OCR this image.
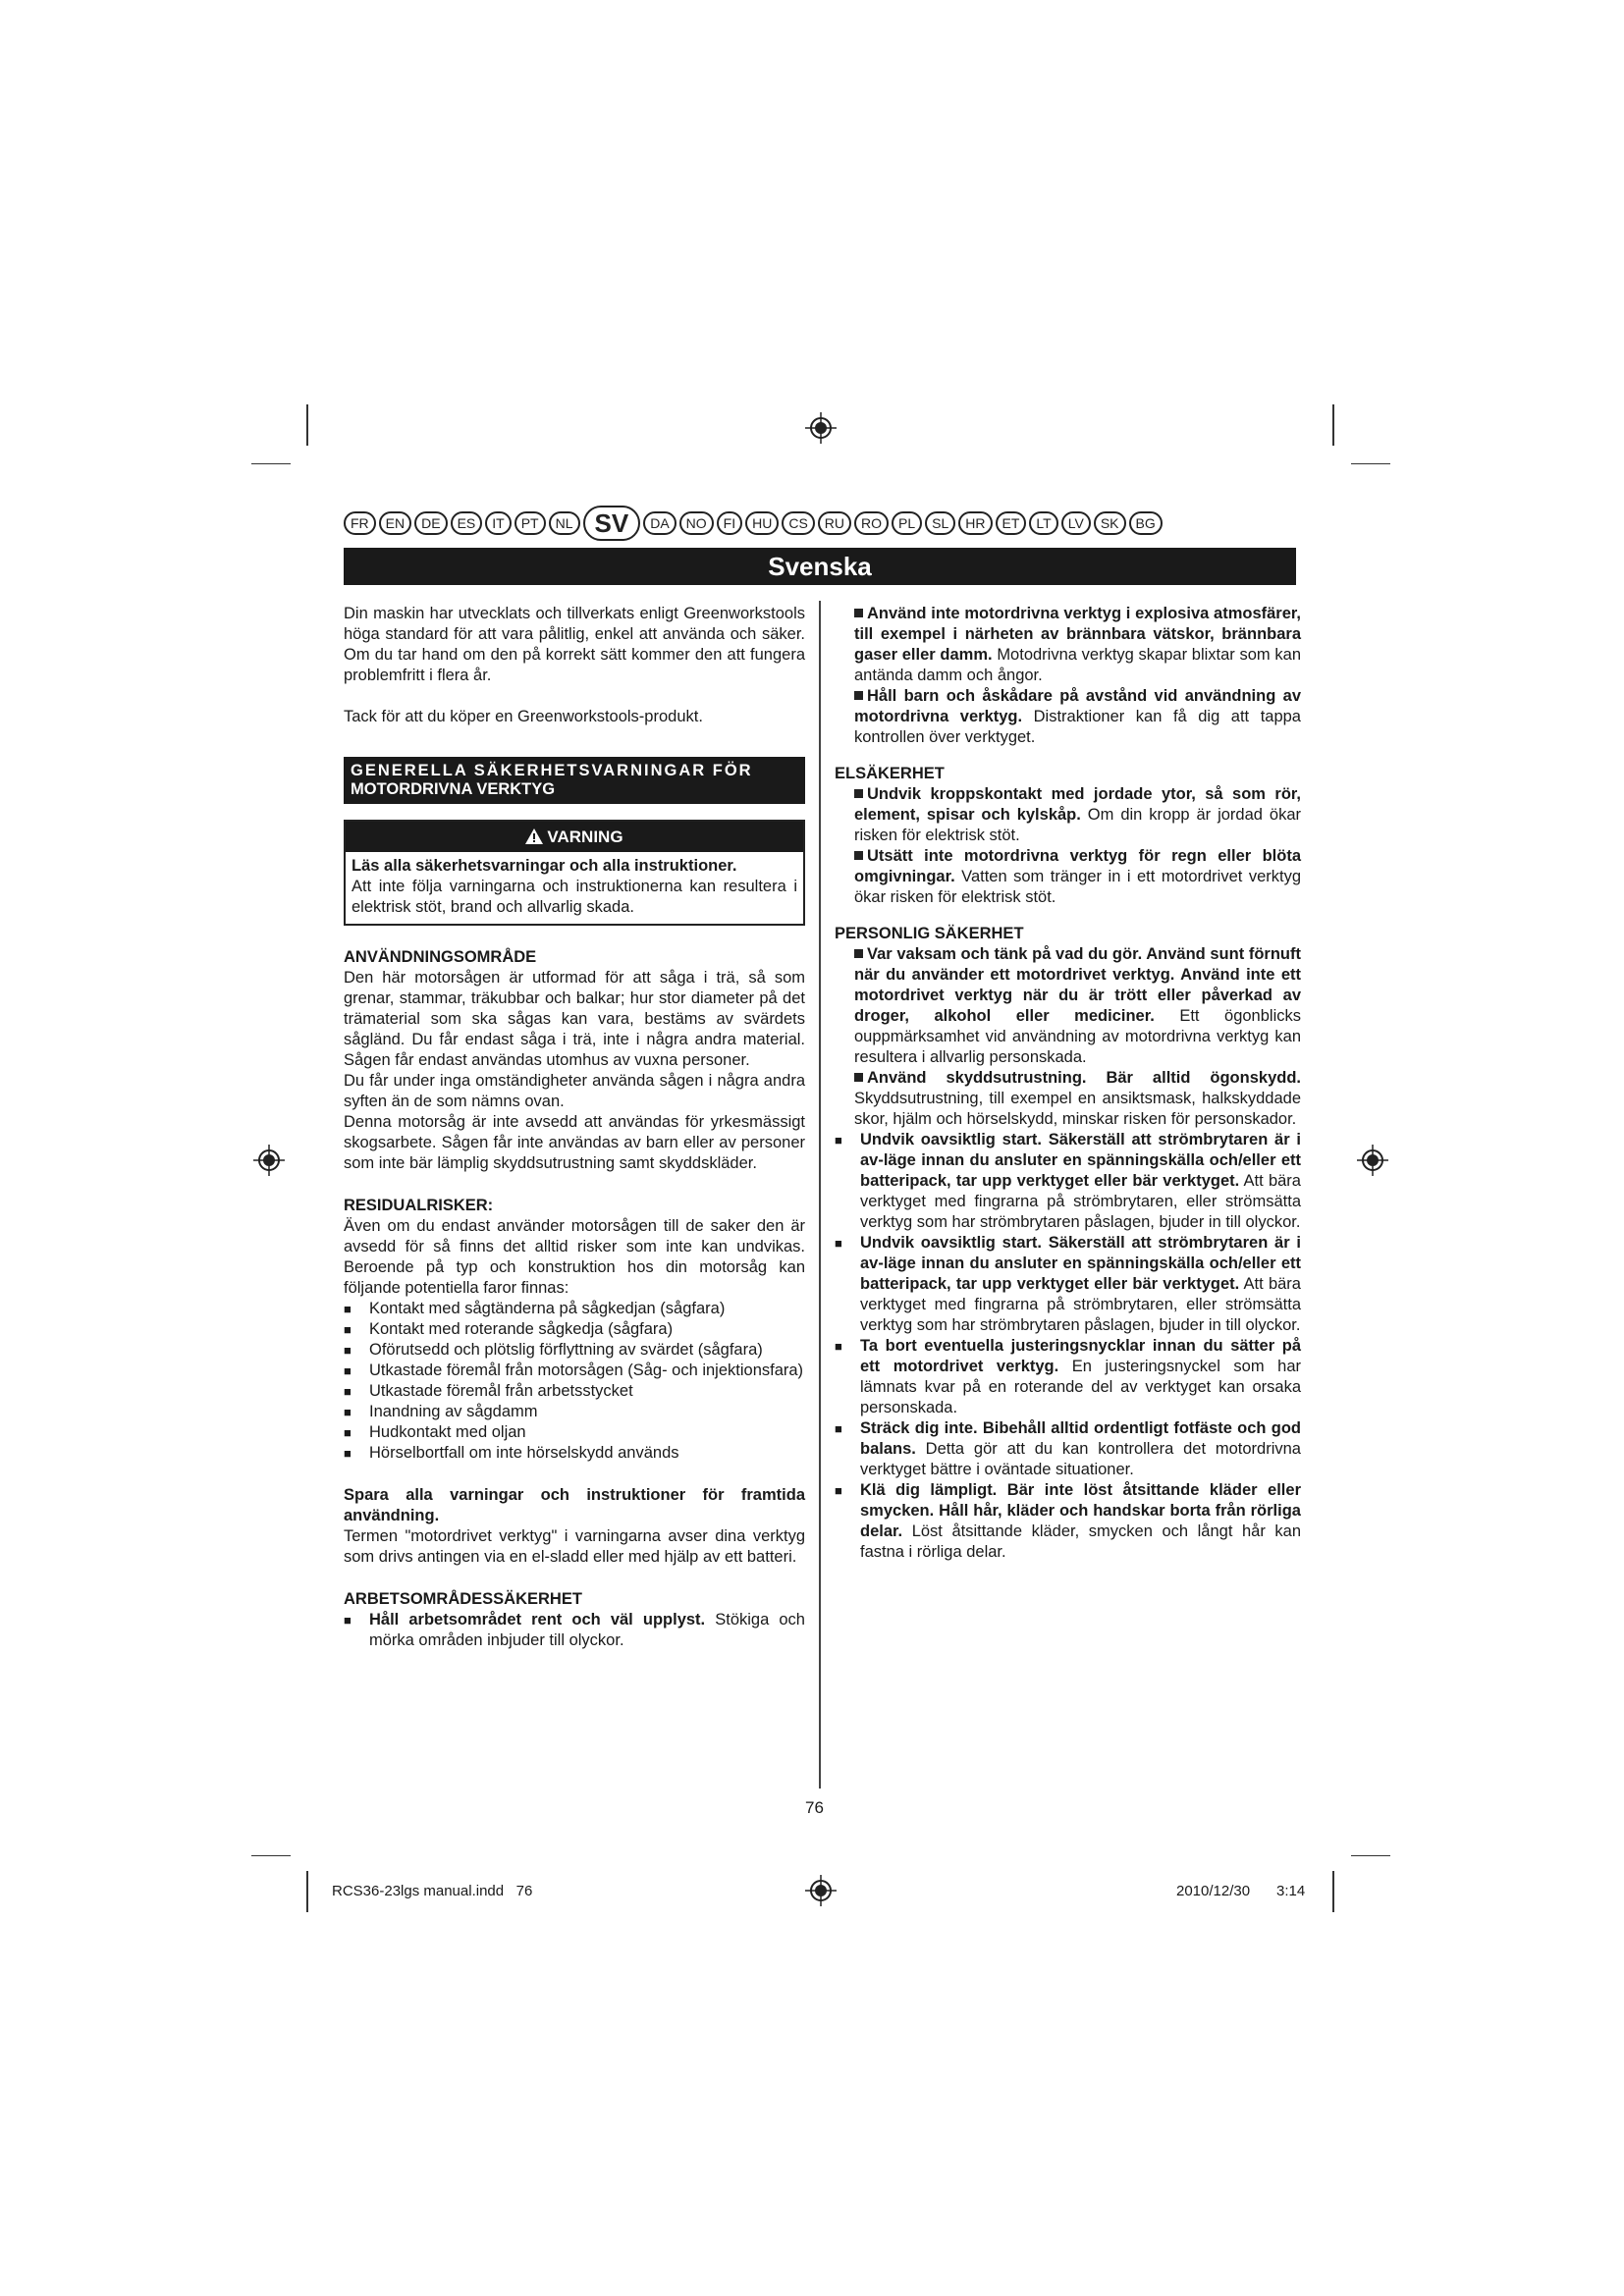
FR	EN	DE	ES	IT	PT	NL SV	DA	NO	FI	HU	CS	RU	RO	PL	SL	HR	ET	LT	LV	SK	BG
Svenska

Din maskin har utvecklats och tillverkats enligt Greenworkstools höga standard för att vara pålitlig, enkel att använda och säker. Om du tar hand om den på korrekt sätt kommer den att fungera problemfritt i flera år.

Tack för att du köper en Greenworkstools-produkt.

GENERELLA SÄKERHETSVARNINGAR FÖR
MOTORDRIVNA VERKTYG
VARNING

Läs alla säkerhetsvarningar och alla instruktioner.

Att inte följa varningarna och instruktionerna kan resultera i elektrisk stöt, brand och allvarlig skada.

ANVÄNDNINGSOMRÅDE

Den här motorsågen är utformad för att såga i trä, så som grenar, stammar, träkubbar och balkar; hur stor diameter på det trämaterial som ska sågas kan vara, bestäms av svärdets sågländ. Du får endast såga i trä, inte i några andra material. Sågen får endast användas utomhus av vuxna personer.

Du får under inga omständigheter använda sågen i några andra syften än de som nämns ovan.

Denna motorsåg är inte avsedd att användas för yrkesmässigt skogsarbete. Sågen får inte användas av barn eller av personer som inte bär lämplig skyddsutrustning samt skyddskläder.

RESIDUALRISKER:

Även om du endast använder motorsågen till de saker den är avsedd för så finns det alltid risker som inte kan undvikas. Beroende på typ och konstruktion hos din motorsåg kan följande potentiella faror finnas:

■	Kontakt med sågtänderna på sågkedjan (sågfara)
■	Kontakt med roterande sågkedja (sågfara)
■	Oförutsedd och plötslig förflyttning av svärdet (sågfara)
■	Utkastade föremål från motorsågen (Såg- och injektionsfara)
■	Utkastade föremål från arbetsstycket
■	Inandning av sågdamm
■	Hudkontakt med oljan
■	Hörselbortfall om inte hörselskydd används

Spara alla varningar och instruktioner för framtida användning.

Termen "motordrivet verktyg" i varningarna avser dina verktyg som drivs antingen via en el-sladd eller med hjälp av ett batteri.

ARBETSOMRÅDESSÄKERHET

■	Håll arbetsområdet rent och väl upplyst. Stökiga och mörka områden inbjuder till olyckor.

Använd inte motordrivna verktyg i explosiva atmosfärer, till exempel i närheten av brännbara vätskor, brännbara gaser eller damm. Motodrivna verktyg skapar blixtar som kan antända damm och ångor.

Håll barn och åskådare på avstånd vid användning av motordrivna verktyg. Distraktioner kan få dig att tappa kontrollen över verktyget.

ELSÄKERHET

Undvik kroppskontakt med jordade ytor, så som rör, element, spisar och kylskåp. Om din kropp är jordad ökar risken för elektrisk stöt.

Utsätt inte motordrivna verktyg för regn eller blöta omgivningar. Vatten som tränger in i ett motordrivet verktyg ökar risken för elektrisk stöt.

PERSONLIG SÄKERHET

Var vaksam och tänk på vad du gör. Använd sunt förnuft när du använder ett motordrivet verktyg. Använd inte ett motordrivet verktyg när du är trött eller påverkad av droger, alkohol eller mediciner. Ett ögonblicks ouppmärksamhet vid användning av motordrivna verktyg kan resultera i allvarlig personskada.

Använd skyddsutrustning. Bär alltid ögonskydd. Skyddsutrustning, till exempel en ansiktsmask, halkskyddade skor, hjälm och hörselskydd, minskar risken för personskador.

■	Undvik oavsiktlig start. Säkerställ att strömbrytaren är i av-läge innan du ansluter en spänningskälla och/eller ett batteripack, tar upp verktyget eller bär verktyget. Att bära verktyget med fingrarna på strömbrytaren, eller strömsätta verktyg som har strömbrytaren påslagen, bjuder in till olyckor.
■	Undvik oavsiktlig start. Säkerställ att strömbrytaren är i av-läge innan du ansluter en spänningskälla och/eller ett batteripack, tar upp verktyget eller bär verktyget. Att bära verktyget med fingrarna på strömbrytaren, eller strömsätta verktyg som har strömbrytaren påslagen, bjuder in till olyckor.
■	Ta bort eventuella justeringsnycklar innan du sätter på ett motordrivet verktyg. En justeringsnyckel som har lämnats kvar på en roterande del av verktyget kan orsaka personskada.
■	Sträck dig inte. Bibehåll alltid ordentligt fotfäste och god balans. Detta gör att du kan kontrollera det motordrivna verktyget bättre i oväntade situationer.
■	Klä dig lämpligt. Bär inte löst åtsittande kläder eller smycken. Håll hår, kläder och handskar borta från rörliga delar. Löst åtsittande kläder, smycken och långt hår kan fastna i rörliga delar.
76
RCS36-23lgs manual.indd   76	2010/12/30 3:14
